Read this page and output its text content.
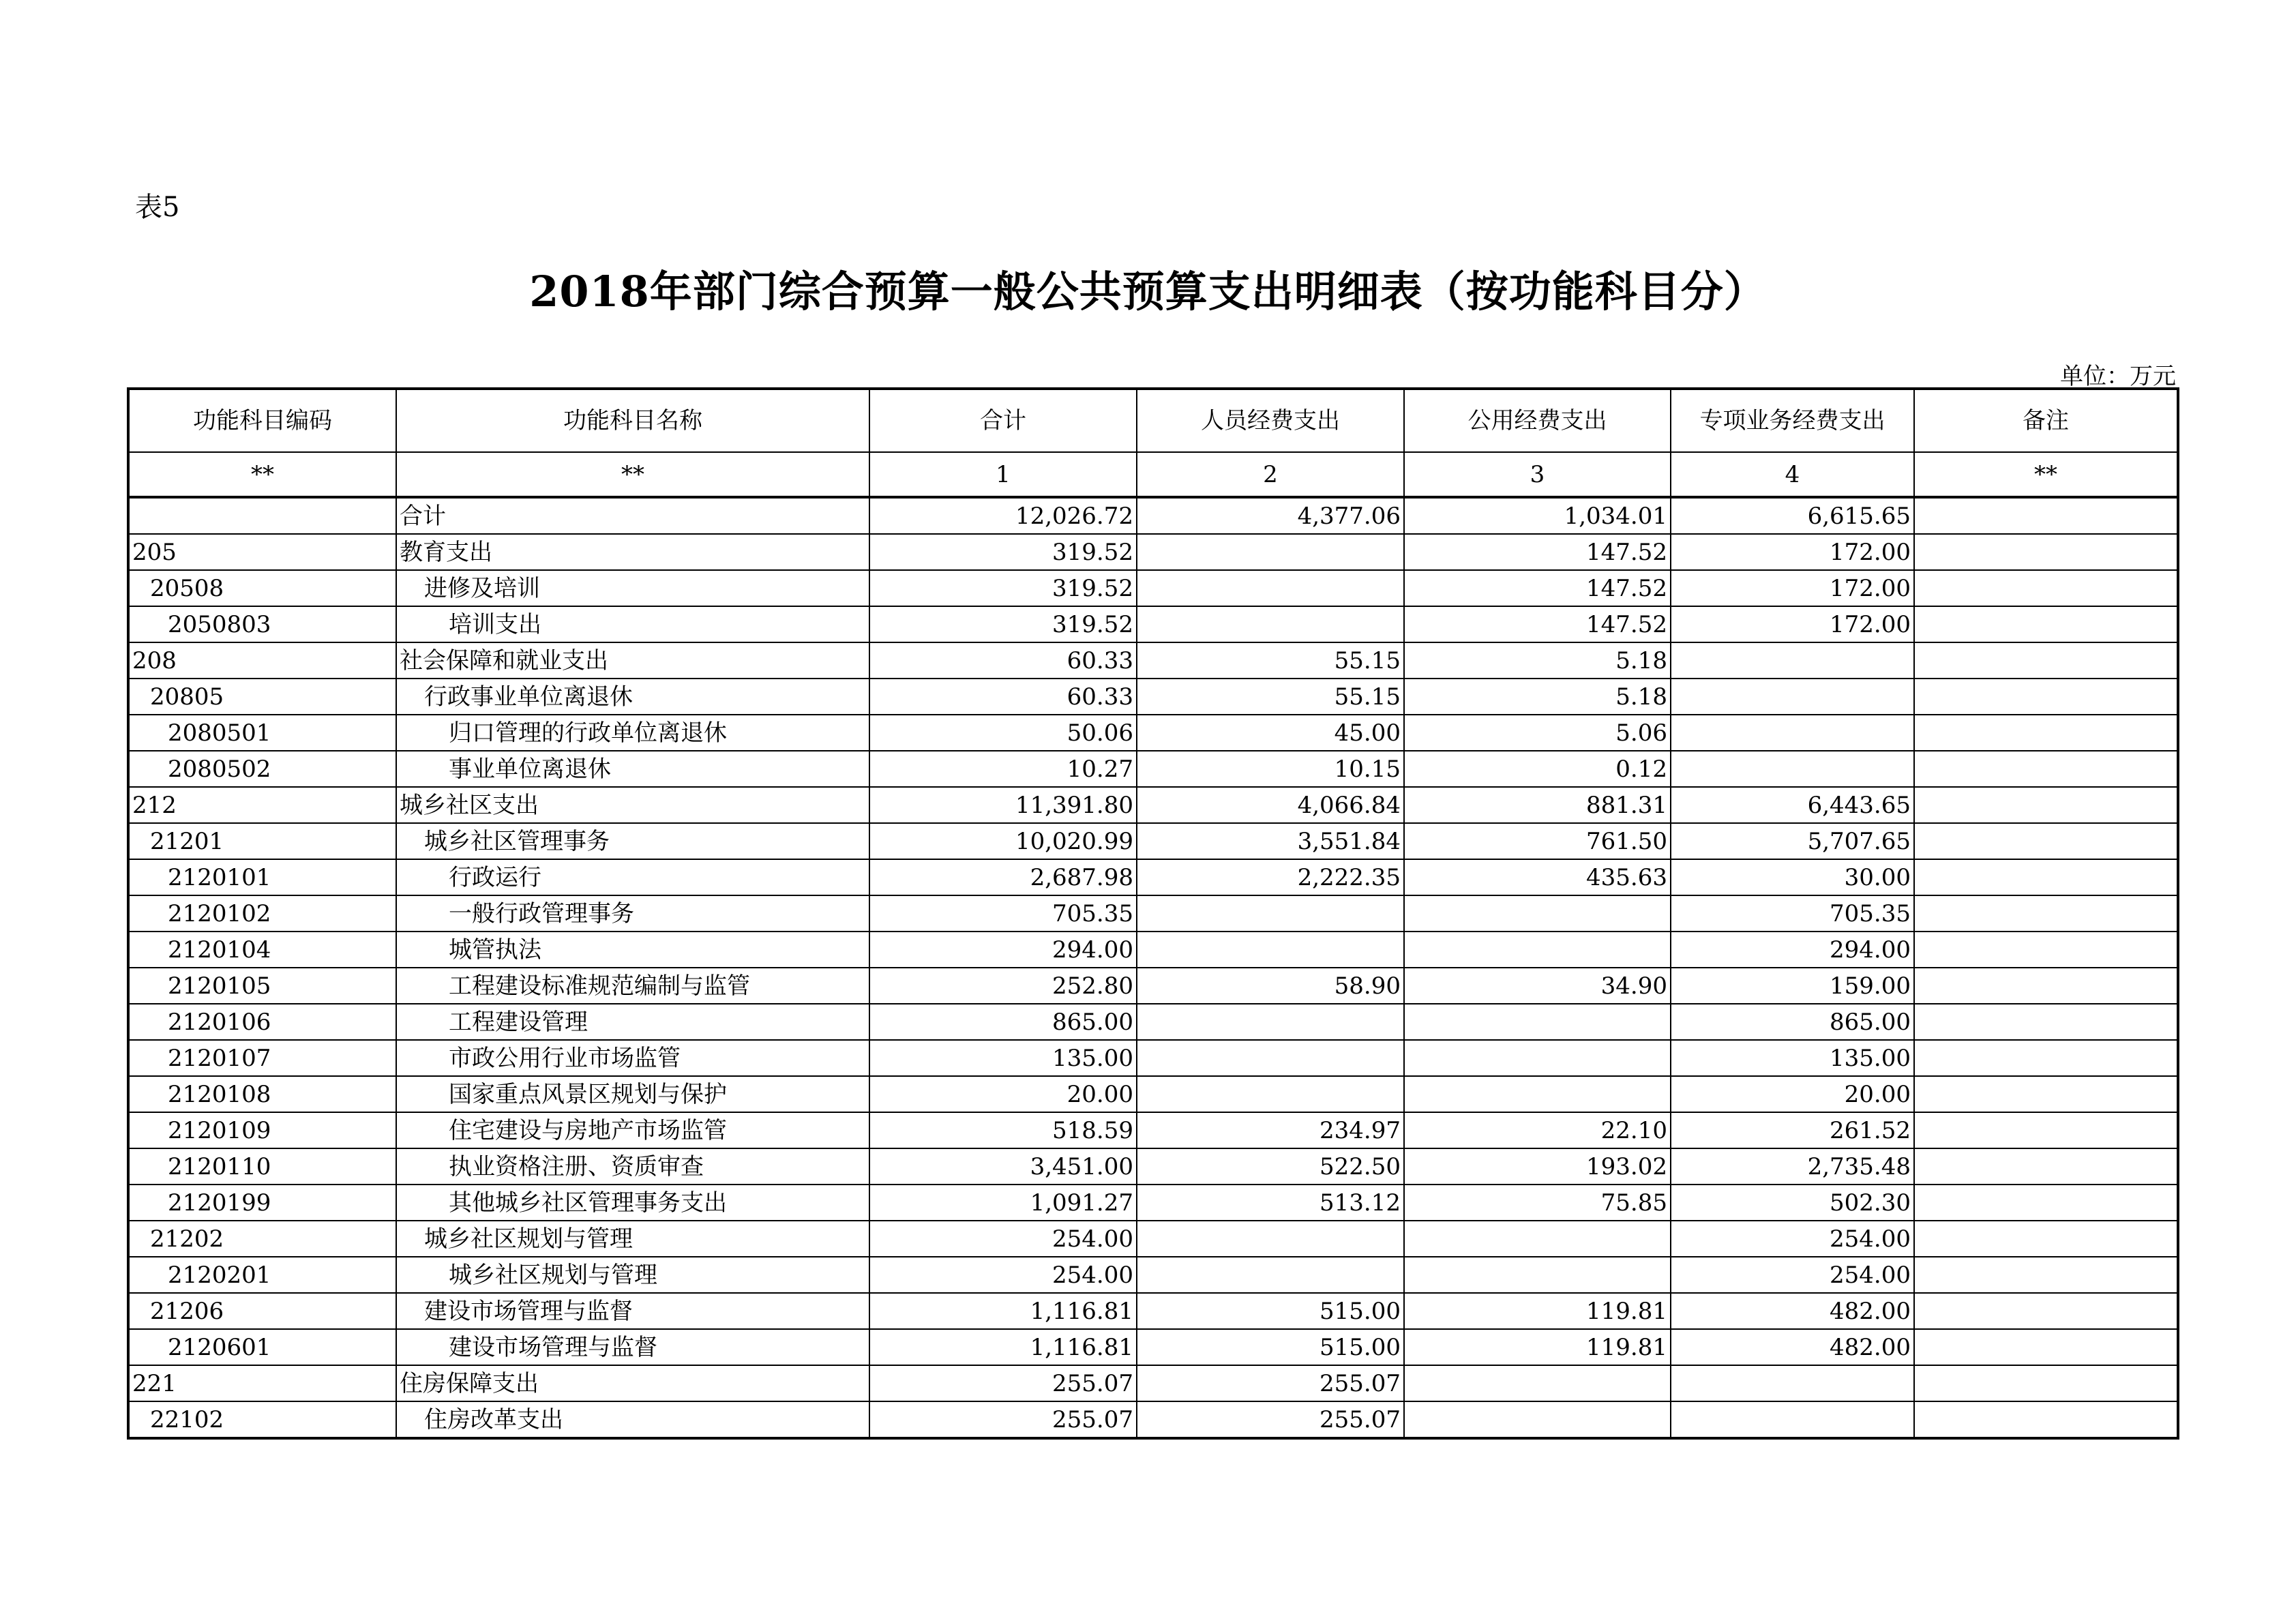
表5
2018年部门综合预算一般公共预算支出明细表（按功能科目分）
单位：万元
功能科目编码	功能科目名称	合计	人员经费支出	公用经费支出	专项业务经费支出	备注
**	**	1	2	3	4	**
	合计	12,026.72	4,377.06	1,034.01	6,615.65	
205	教育支出	319.52		147.52	172.00	
20508	进修及培训	319.52		147.52	172.00	
2050803	培训支出	319.52		147.52	172.00	
208	社会保障和就业支出	60.33	55.15	5.18		
20805	行政事业单位离退休	60.33	55.15	5.18		
2080501	归口管理的行政单位离退休	50.06	45.00	5.06		
2080502	事业单位离退休	10.27	10.15	0.12		
212	城乡社区支出	11,391.80	4,066.84	881.31	6,443.65	
21201	城乡社区管理事务	10,020.99	3,551.84	761.50	5,707.65	
2120101	行政运行	2,687.98	2,222.35	435.63	30.00	
2120102	一般行政管理事务	705.35			705.35	
2120104	城管执法	294.00			294.00	
2120105	工程建设标准规范编制与监管	252.80	58.90	34.90	159.00	
2120106	工程建设管理	865.00			865.00	
2120107	市政公用行业市场监管	135.00			135.00	
2120108	国家重点风景区规划与保护	20.00			20.00	
2120109	住宅建设与房地产市场监管	518.59	234.97	22.10	261.52	
2120110	执业资格注册、资质审查	3,451.00	522.50	193.02	2,735.48	
2120199	其他城乡社区管理事务支出	1,091.27	513.12	75.85	502.30	
21202	城乡社区规划与管理	254.00			254.00	
2120201	城乡社区规划与管理	254.00			254.00	
21206	建设市场管理与监督	1,116.81	515.00	119.81	482.00	
2120601	建设市场管理与监督	1,116.81	515.00	119.81	482.00	
221	住房保障支出	255.07	255.07			
22102	住房改革支出	255.07	255.07			
